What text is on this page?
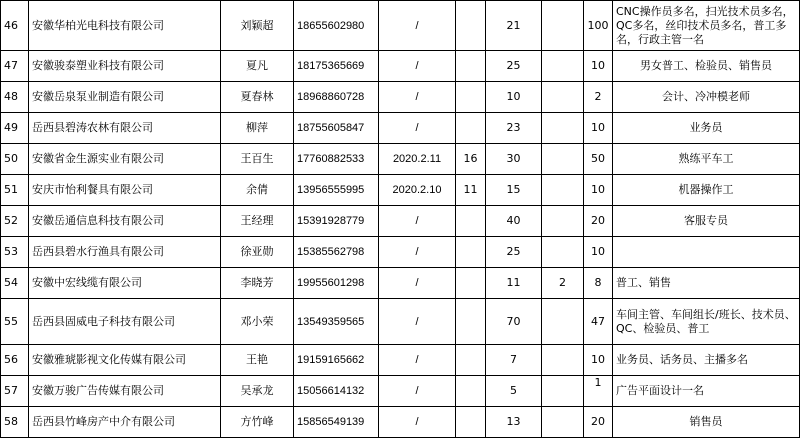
46	安徽华柏光电科技有限公司	刘颖超	18655602980	/		21		100	CNC操作员多名，扫光技术员多名，QC多名，丝印技术员多名，普工多名，行政主管一名
47	安徽骏泰塑业科技有限公司	夏凡	18175365669	/		25		10	男女普工、检验员、销售员
48	安徽岳泉泵业制造有限公司	夏春林	18968860728	/		10		2	会计、冷冲模老师
49	岳西县碧涛农林有限公司	柳萍	18755605847	/		23		10	业务员
50	安徽省金生源实业有限公司	王百生	17760882533	2020.2.11	16	30		50	熟练平车工
51	安庆市怡利餐具有限公司	余倩	13956555995	2020.2.10	11	15		10	机器操作工
52	安徽岳通信息科技有限公司	王经理	15391928779	/		40		20	客服专员
53	岳西县碧水行渔具有限公司	徐亚勋	15385562798	/		25		10	
54	安徽中宏线缆有限公司	李晓芳	19955601298	/		11	2	8	普工、销售
55	岳西县固威电子科技有限公司	邓小荣	13549359565	/		70		47	车间主管、车间组长/班长、技术员、QC、检验员、普工
56	安徽雅琥影视文化传媒有限公司	王艳	19159165662	/		7		10	业务员、话务员、主播多名
57	安徽万骏广告传媒有限公司	吴承龙	15056614132	/		5		1	广告平面设计一名
58	岳西县竹峰房产中介有限公司	方竹峰	15856549139	/		13		20	销售员
